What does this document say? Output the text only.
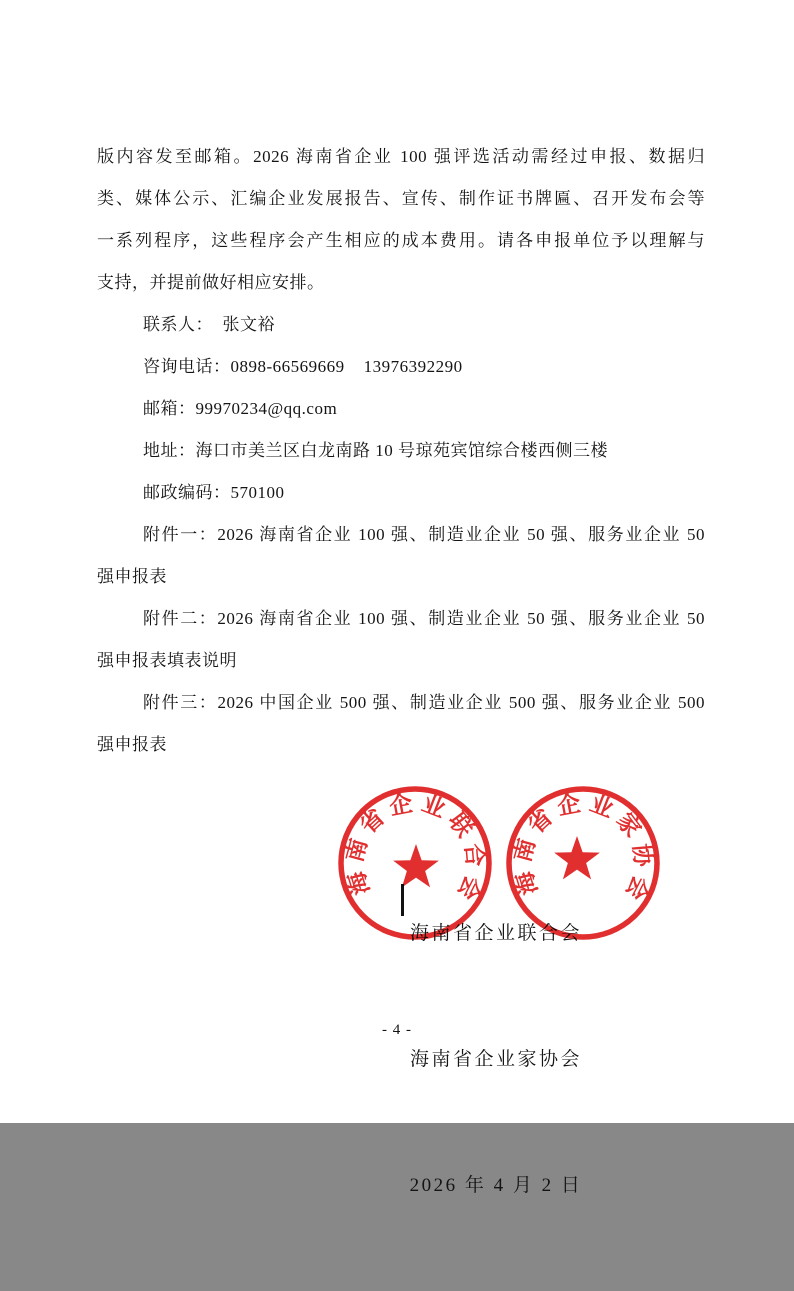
版内容发至邮箱。2026 海南省企业 100 强评选活动需经过申报、数据归
类、媒体公示、汇编企业发展报告、宣传、制作证书牌匾、召开发布会等
一系列程序，这些程序会产生相应的成本费用。请各申报单位予以理解与
支持，并提前做好相应安排。
联系人：  张文裕
咨询电话：0898-66569669    13976392290
邮箱：99970234@qq.com
地址：海口市美兰区白龙南路 10 号琼苑宾馆综合楼西侧三楼
邮政编码：570100
附件一：2026 海南省企业 100 强、制造业企业 50 强、服务业企业 50
强申报表
附件二：2026 海南省企业 100 强、制造业企业 50 强、服务业企业 50
强申报表填表说明
附件三：2026 中国企业 500 强、制造业企业 500 强、服务业企业 500
强申报表

海南省企业联合会

海南省企业家协会

2026 年 4 月 2 日

海南省企业联合会 海南省企业家协会
- 4 -
